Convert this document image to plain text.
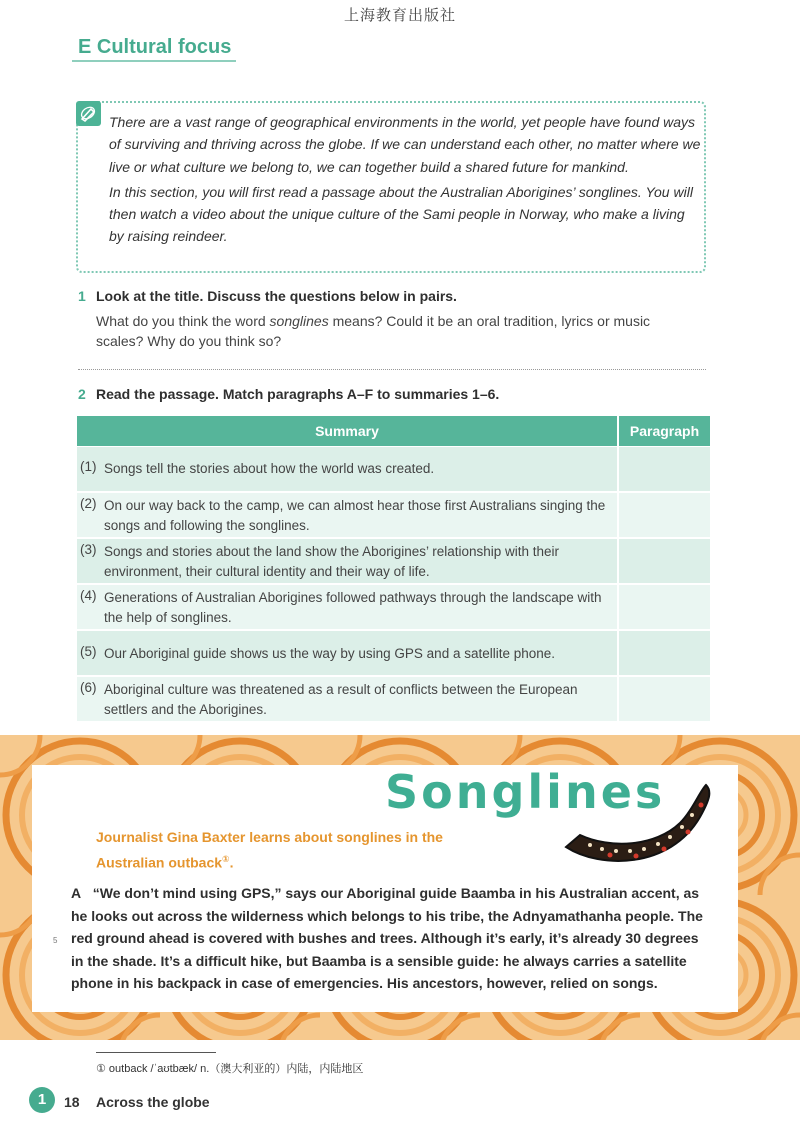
上海教育出版社
E Cultural focus

There are a vast range of geographical environments in the world, yet people have found ways of surviving and thriving across the globe. If we can understand each other, no matter where we live or what culture we belong to, we can together build a shared future for mankind.

In this section, you will first read a passage about the Australian Aborigines’ songlines. You will then watch a video about the unique culture of the Sami people in Norway, who make a living by raising reindeer.

1 Look at the title. Discuss the questions below in pairs.
What do you think the word songlines means? Could it be an oral tradition, lyrics or music scales? Why do you think so?
2 Read the passage. Match paragraphs A–F to summaries 1–6.
Summary	Paragraph
(1) Songs tell the stories about how the world was created.
(2) On our way back to the camp, we can almost hear those first Australians singing the songs and following the songlines.
(3) Songs and stories about the land show the Aborigines’ relationship with their environment, their cultural identity and their way of life.
(4) Generations of Australian Aborigines followed pathways through the landscape with the help of songlines.
(5) Our Aboriginal guide shows us the way by using GPS and a satellite phone.
(6) Aboriginal culture was threatened as a result of conflicts between the European settlers and the Aborigines.
Songlines
Journalist Gina Baxter learns about songlines in the Australian outback①.
A “We don’t mind using GPS,” says our Aboriginal guide Baamba in his Australian accent, as he looks out across the wilderness which belongs to his tribe, the Adnyamathanha people. The red ground ahead is covered with bushes and trees. Although it’s early, it’s already 30 degrees in the shade. It’s a difficult hike, but Baamba is a sensible guide: he always carries a satellite phone in his backpack in case of emergencies. His ancestors, however, relied on songs.
5
① outback /ˈaʊtbæk/ n.（澳大利亚的）内陆，内陆地区
1	18 Across the globe
